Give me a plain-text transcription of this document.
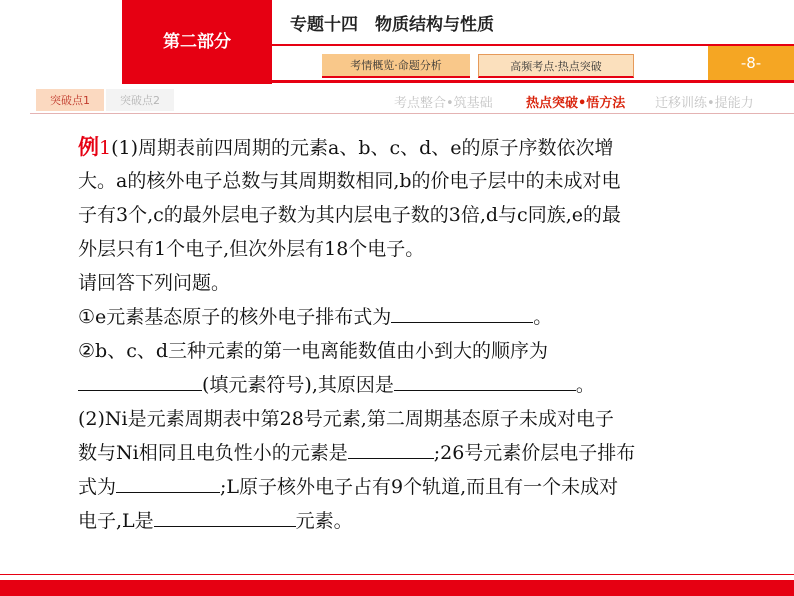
第二部分
专题十四　物质结构与性质
考情概览·命题分析	高频考点·热点突破	-8-
突破点1	突破点2	考点整合•筑基础	热点突破•悟方法 迁移训练•提能力
例1(1)周期表前四周期的元素a、b、c、d、e的原子序数依次增
大。a的核外电子总数与其周期数相同,b的价电子层中的未成对电
子有3个,c的最外层电子数为其内层电子数的3倍,d与c同族,e的最
外层只有1个电子,但次外层有18个电子。
请回答下列问题。
①e元素基态原子的核外电子排布式为	。
②b、c、d三种元素的第一电离能数值由小到大的顺序为
(填元素符号),其原因是	。
(2)Ni是元素周期表中第28号元素,第二周期基态原子未成对电子
数与Ni相同且电负性小的元素是	;26号元素价层电子排布
式为	;L原子核外电子占有9个轨道,而且有一个未成对
电子,L是	元素。
